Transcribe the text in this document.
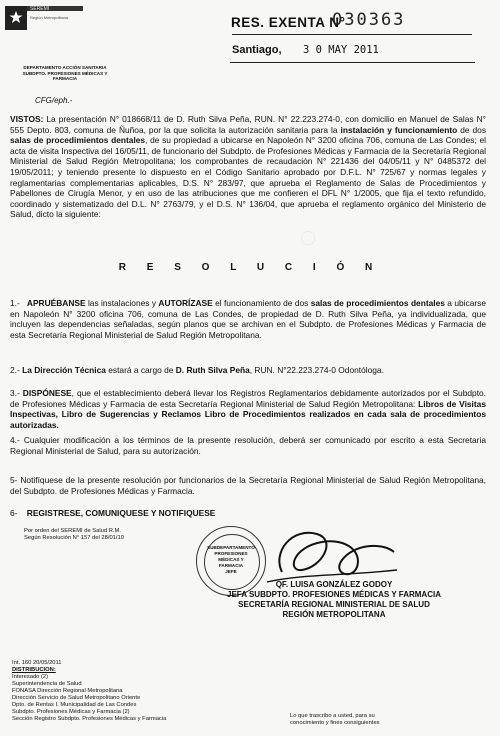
◯
SEREMI
Región Metropolitana
DEPARTAMENTO ACCIÓN SANITARIA
SUBDPTO. PROFESIONES MÉDICAS Y FARMACIA
RES. EXENTA N°
030363
Santiago, 3 0 MAY 2011
CFG/eph.-
VISTOS: La presentación N° 018668/11 de D. Ruth Silva Peña, RUN. N° 22.223.274-0, con domicilio en Manuel de Salas N° 555 Depto. 803, comuna de Ñuñoa, por la que solicita la autorización sanitaria para la instalación y funcionamiento de dos salas de procedimientos dentales, de su propiedad a ubicarse en Napoleón N° 3200 oficina 706, comuna de Las Condes; el acta de visita Inspectiva del 16/05/11, de funcionario del Subdpto. de Profesiones Médicas y Farmacia de la Secretaría Regional Ministerial de Salud Región Metropolitana; los comprobantes de recaudación N° 221436 del 04/05/11 y N° 0485372 del 19/05/2011; y teniendo presente lo dispuesto en el Código Sanitario aprobado por D.F.L. N° 725/67 y normas legales y reglamentarias complementarias aplicables, D.S. N° 283/97, que aprueba el Reglamento de Salas de Procedimientos y Pabellones de Cirugía Menor, y en uso de las atribuciones que me confieren el DFL N° 1/2005, que fija el texto refundido, coordinado y sistematizado del D.L. N° 2763/79, y el D.S. N° 136/04, que aprueba el reglamento orgánico del Ministerio de Salud, dicto la siguiente:
R E S O L U C I Ó N
1.- APRUÉBANSE las instalaciones y AUTORÍZASE el funcionamiento de dos salas de procedimientos dentales a ubicarse en Napoleón N° 3200 oficina 706, comuna de Las Condes, de propiedad de D. Ruth Silva Peña, ya individualizada, que incluyen las dependencias señaladas, según planos que se archivan en el Subdpto. de Profesiones Médicas y Farmacia de esta Secretaría Regional Ministerial de Salud Región Metropolitana.
2.- La Dirección Técnica estará a cargo de D. Ruth Silva Peña, RUN. N°22.223.274-0 Odontóloga.
3.- DISPÓNESE, que el establecimiento deberá llevar los Registros Reglamentarios debidamente autorizados por el Subdpto. de Profesiones Médicas y Farmacia de esta Secretaría Regional Ministerial de Salud Región Metropolitana: Libros de Visitas Inspectivas, Libro de Sugerencias y Reclamos Libro de Procedimientos realizados en cada sala de procedimientos autorizadas.
4.- Cualquier modificación a los términos de la presente resolución, deberá ser comunicado por escrito a esta Secretaria Regional Ministerial de Salud, para su autorización.
5- Notifíquese de la presente resolución por funcionarios de la Secretaría Regional Ministerial de Salud Región Metropolitana, del Subdpto. de Profesiones Médicas y Farmacia.
6- REGISTRESE, COMUNIQUESE Y NOTIFIQUESE
Por orden del SEREMI de Salud R.M.
Según Resolución N° 157 del 28/01/10
SUBDEPARTAMENTO
PROFESIONES
MÉDICAS Y
FARMACIA
JEFE
QF. LUISA GONZÁLEZ GODOY
JEFA SUBDPTO. PROFESIONES MÉDICAS Y FARMACIA
SECRETARÍA REGIONAL MINISTERIAL DE SALUD
REGIÓN METROPOLITANA
Int. 160 20/05/2011
DISTRIBUCION:
Interesado (2)
Superintendencia de Salud
FONASA Dirección Regional Metropolitana
Dirección Servicio de Salud Metropolitano Oriente
Dpto. de Rentas I. Municipalidad de Las Condes
Subdpto. Profesiones Médicas y Farmacia (2)
Sección Registro Subdpto. Profesiones Médicas y Farmacia	Lo que trascribo a usted, para su
conocimiento y fines consiguientes
